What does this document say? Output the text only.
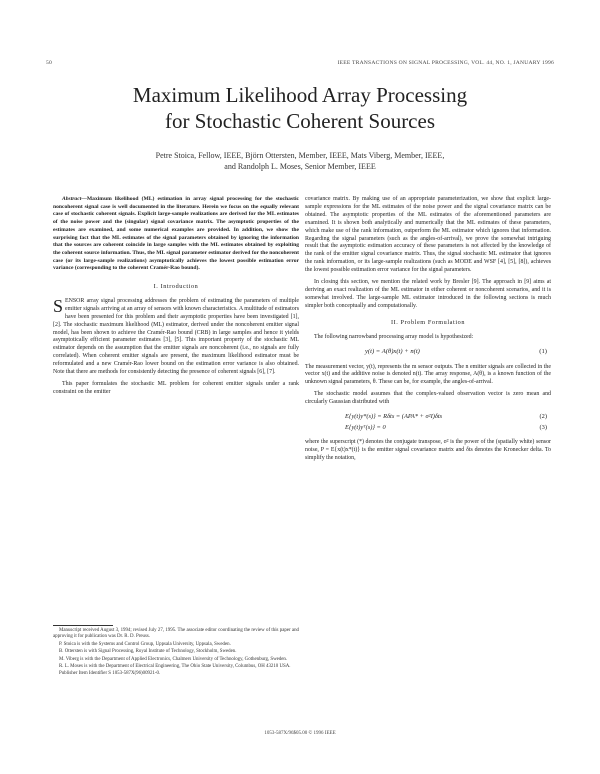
50	IEEE TRANSACTIONS ON SIGNAL PROCESSING, VOL. 44, NO. 1, JANUARY 1996
Maximum Likelihood Array Processing
for Stochastic Coherent Sources
Petre Stoica, Fellow, IEEE, Björn Ottersten, Member, IEEE, Mats Viberg, Member, IEEE,
and Randolph L. Moses, Senior Member, IEEE

Abstract—Maximum likelihood (ML) estimation in array signal processing for the stochastic noncoherent signal case is well documented in the literature. Herein we focus on the equally relevant case of stochastic coherent signals. Explicit large-sample realizations are derived for the ML estimates of the noise power and the (singular) signal covariance matrix. The asymptotic properties of the estimates are examined, and some numerical examples are provided. In addition, we show the surprising fact that the ML estimates of the signal parameters obtained by ignoring the information that the sources are coherent coincide in large samples with the ML estimates obtained by exploiting the coherent source information. Thus, the ML signal parameter estimator derived for the noncoherent case (or its large-sample realizations) asymptotically achieves the lowest possible estimation error variance (corresponding to the coherent Cramér-Rao bound).

I. Introduction

SENSOR array signal processing addresses the problem of estimating the parameters of multiple emitter signals arriving at an array of sensors with known characteristics. A multitude of estimators have been presented for this problem and their asymptotic properties have been investigated [1], [2]. The stochastic maximum likelihood (ML) estimator, derived under the noncoherent emitter signal model, has been shown to achieve the Cramér-Rao bound (CRB) in large samples and hence it yields asymptotically efficient parameter estimates [3], [5]. This important property of the stochastic ML estimator depends on the assumption that the emitter signals are noncoherent (i.e., no signals are fully correlated). When coherent emitter signals are present, the maximum likelihood estimator must be reformulated and a new Cramér-Rao lower bound on the estimation error variance is also obtained. Note that there are methods for consistently detecting the presence of coherent signals [6], [7].

This paper formulates the stochastic ML problem for coherent emitter signals under a rank constraint on the emitter

covariance matrix. By making use of an appropriate parameterization, we show that explicit large-sample expressions for the ML estimates of the noise power and the signal covariance matrix can be obtained. The asymptotic properties of the ML estimates of the aforementioned parameters are examined. It is shown both analytically and numerically that the ML estimates of these parameters, which make use of the rank information, outperform the ML estimator which ignores that information. Regarding the signal parameters (such as the angles-of-arrival), we prove the somewhat intriguing result that the asymptotic estimation accuracy of these parameters is not affected by the knowledge of the rank of the emitter signal covariance matrix. Thus, the signal stochastic ML estimator that ignores the rank information, or its large-sample realizations (such as MODE and WSF [4], [5], [8]), achieves the lowest possible estimation error variance for the signal parameters.

In closing this section, we mention the related work by Bresler [9]. The approach in [9] aims at deriving an exact realization of the ML estimator in either coherent or noncoherent scenarios, and it is somewhat involved. The large-sample ML estimator introduced in the following sections is much simpler both conceptually and computationally.

II. Problem Formulation

The following narrowband processing array model is hypothesized:

y(t) = A(θ)x(t) + n(t)	(1)

The measurement vector, y(t), represents the m sensor outputs. The n emitter signals are collected in the vector x(t) and the additive noise is denoted n(t). The array response, A(θ), is a known function of the unknown signal parameters, θ. These can be, for example, the angles-of-arrival.

The stochastic model assumes that the complex-valued observation vector is zero mean and circularly Gaussian distributed with

E{y(t)y*(s)} = Rδts = (APA* + σ²I)δts	(2)
E{y(t)yᵀ(s)} = 0	(3)

where the superscript (*) denotes the conjugate transpose, σ² is the power of the (spatially white) sensor noise, P = E{x(t)x*(t)} is the emitter signal covariance matrix and δts denotes the Kronecker delta. To simplify the notation,

Manuscript received August 3, 1994; revised July 27, 1995. The associate editor coordinating the review of this paper and approving it for publication was Dr. R. D. Preuss.

P. Stoica is with the Systems and Control Group, Uppsala University, Uppsala, Sweden.

B. Ottersten is with Signal Processing, Royal Institute of Technology, Stockholm, Sweden.

M. Viberg is with the Department of Applied Electronics, Chalmers University of Technology, Gothenburg, Sweden.

R. L. Moses is with the Department of Electrical Engineering, The Ohio State University, Columbus, OH 43210 USA.

Publisher Item Identifier S 1053-587X(96)00921-0.

1053-587X/96$05.00 © 1996 IEEE
